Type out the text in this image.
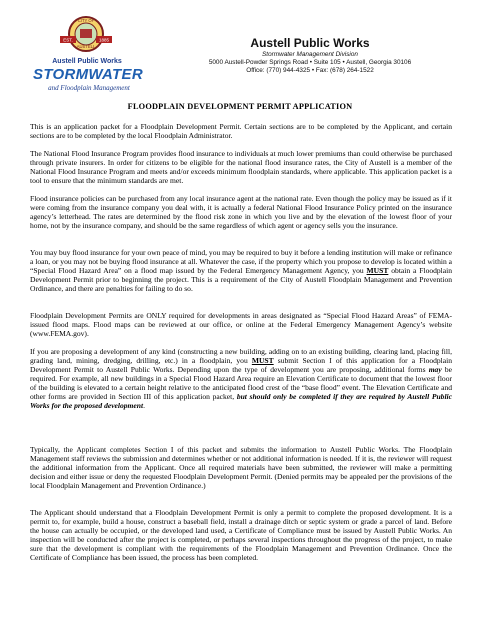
EST.	1885
CITY OF
AUSTELL
Austell Public Works
STORMWATER
and Floodplain Management
Austell Public Works
Stormwater Management Division
5000 Austell-Powder Springs Road • Suite 105 • Austell, Georgia 30106
Office: (770) 944-4325 • Fax: (678) 264-1522
FLOODPLAIN DEVELOPMENT PERMIT APPLICATION

This is an application packet for a Floodplain Development Permit. Certain sections are to be completed by the Applicant, and certain sections are to be completed by the local Floodplain Administrator.

The National Flood Insurance Program provides flood insurance to individuals at much lower premiums than could otherwise be purchased through private insurers. In order for citizens to be eligible for the national flood insurance rates, the City of Austell is a member of the National Flood Insurance Program and meets and/or exceeds minimum floodplain standards, where applicable. This application packet is a tool to ensure that the minimum standards are met.

Flood insurance policies can be purchased from any local insurance agent at the national rate. Even though the policy may be issued as if it were coming from the insurance company you deal with, it is actually a federal National Flood Insurance Policy printed on the insurance agency’s letterhead. The rates are determined by the flood risk zone in which you live and by the elevation of the lowest floor of your home, not by the insurance company, and should be the same regardless of which agent or agency sells you the insurance.

You may buy flood insurance for your own peace of mind, you may be required to buy it before a lending institution will make or refinance a loan, or you may not be buying flood insurance at all. Whatever the case, if the property which you propose to develop is located within a “Special Flood Hazard Area” on a flood map issued by the Federal Emergency Management Agency, you MUST obtain a Floodplain Development Permit prior to beginning the project. This is a requirement of the City of Austell Floodplain Management and Prevention Ordinance, and there are penalties for failing to do so.

Floodplain Development Permits are ONLY required for developments in areas designated as “Special Flood Hazard Areas” of FEMA-issued flood maps. Flood maps can be reviewed at our office, or online at the Federal Emergency Management Agency’s website (www.FEMA.gov).

If you are proposing a development of any kind (constructing a new building, adding on to an existing building, clearing land, placing fill, grading land, mining, dredging, drilling, etc.) in a floodplain, you MUST submit Section I of this application for a Floodplain Development Permit to Austell Public Works. Depending upon the type of development you are proposing, additional forms may be required. For example, all new buildings in a Special Flood Hazard Area require an Elevation Certificate to document that the lowest floor of the building is elevated to a certain height relative to the anticipated flood crest of the “base flood” event. The Elevation Certificate and other forms are provided in Section III of this application packet, but should only be completed if they are required by Austell Public Works for the proposed development.

Typically, the Applicant completes Section I of this packet and submits the information to Austell Public Works. The Floodplain Management staff reviews the submission and determines whether or not additional information is needed. If it is, the reviewer will request the additional information from the Applicant. Once all required materials have been submitted, the reviewer will make a permitting decision and either issue or deny the requested Floodplain Development Permit. (Denied permits may be appealed per the provisions of the local Floodplain Management and Prevention Ordinance.)

The Applicant should understand that a Floodplain Development Permit is only a permit to complete the proposed development. It is a permit to, for example, build a house, construct a baseball field, install a drainage ditch or septic system or grade a parcel of land. Before the house can actually be occupied, or the developed land used, a Certificate of Compliance must be issued by Austell Public Works. An inspection will be conducted after the project is completed, or perhaps several inspections throughout the progress of the project, to make sure that the development is compliant with the requirements of the Floodplain Management and Prevention Ordinance. Once the Certificate of Compliance has been issued, the process has been completed.
